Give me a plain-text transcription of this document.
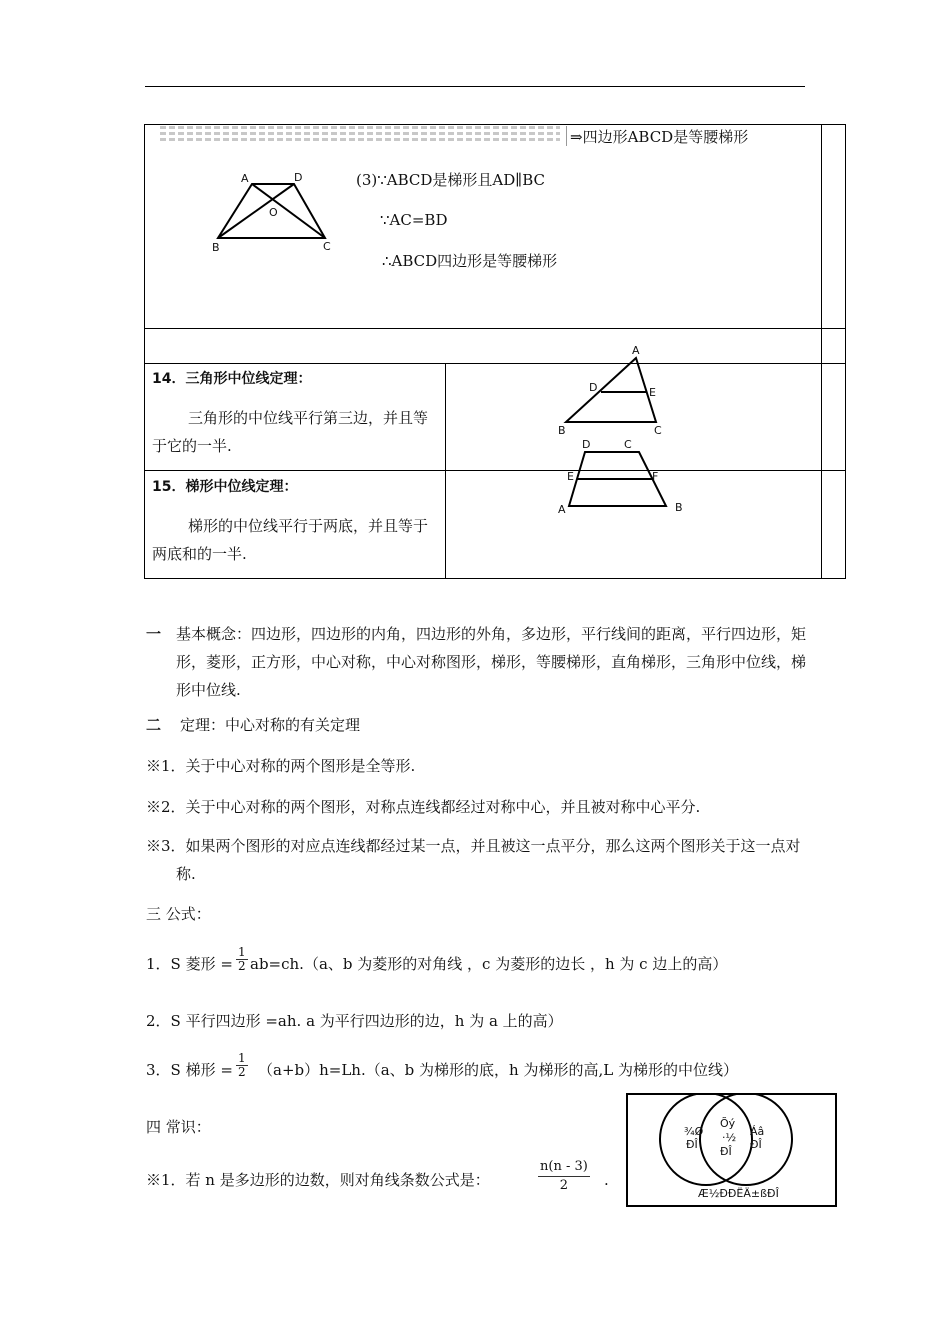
⇒四边形ABCD是等腰梯形
A	D
O
B	C
(3)∵ABCD是梯形且AD∥BC
∵AC=BD
∴ABCD四边形是等腰梯形
14．三角形中位线定理：
三角形的中位线平行第三边，并且等于它的一半.
A
D	E
B	C
15．梯形中位线定理：
梯形的中位线平行于两底，并且等于两底和的一半.
D	C
E	F
A	B
一 基本概念：四边形，四边形的内角，四边形的外角，多边形，平行线间的距离，平行四边形，矩形，菱形，正方形，中心对称，中心对称图形，梯形，等腰梯形，直角梯形，三角形中位线，梯形中位线.
二 定理：中心对称的有关定理
※1．关于中心对称的两个图形是全等形.
※2．关于中心对称的两个图形，对称点连线都经过对称中心，并且被对称中心平分.
※3．如果两个图形的对应点连线都经过某一点，并且被这一点平分，那么这两个图形关于这一点对称.
三 公式：
1．S 菱形 = $\frac{1}{2} ab=ch.(a$、b 为菱形的对角线 ，c 为菱形的边长 ，h 为 c 边上的高）
2．S 平行四边形 =ah. a 为平行四边形的边，h 为 a 上的高）
3．S 梯形 = $\frac{1}{2} (a+b)h=Lh.(a$、b 为梯形的底，h 为梯形的高,L 为梯形的中位线）
四 常识：
※1．若 n 是多边形的边数，则对角线条数公式是：	$\frac{n(n - 3)}{2}$ .
¾Ø
ÐÎ
Õý
·½
ÐÎ
Áâ
ÐÎ
Æ½ÐÐËÄ±ßÐÎ
